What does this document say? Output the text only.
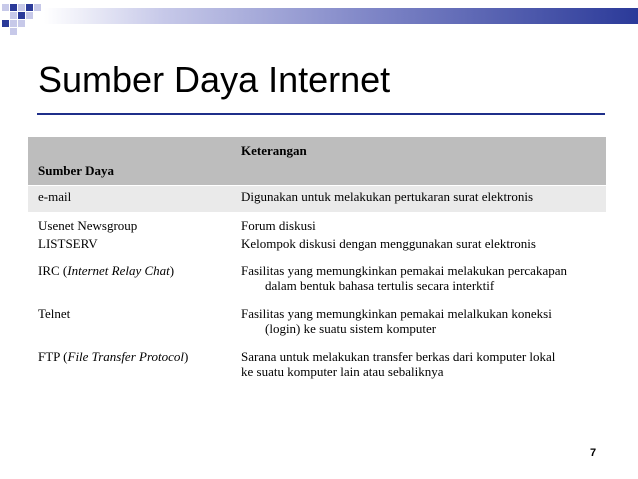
Sumber Daya Internet
Sumber Daya	Keterangan
e-mail	Digunakan untuk melakukan pertukaran surat elektronis

Usenet Newsgroup	Forum diskusi

LISTSERV	Kelompok diskusi dengan menggunakan surat elektronis

IRC (Internet Relay Chat)	Fasilitas yang memungkinkan pemakai melakukan percakapan
dalam bentuk bahasa tertulis secara interktif

Telnet	Fasilitas yang memungkinkan pemakai melalkukan koneksi
(login) ke suatu sistem komputer

FTP (File Transfer Protocol)	Sarana untuk melakukan transfer berkas dari komputer lokal
ke suatu komputer lain atau sebaliknya
7
